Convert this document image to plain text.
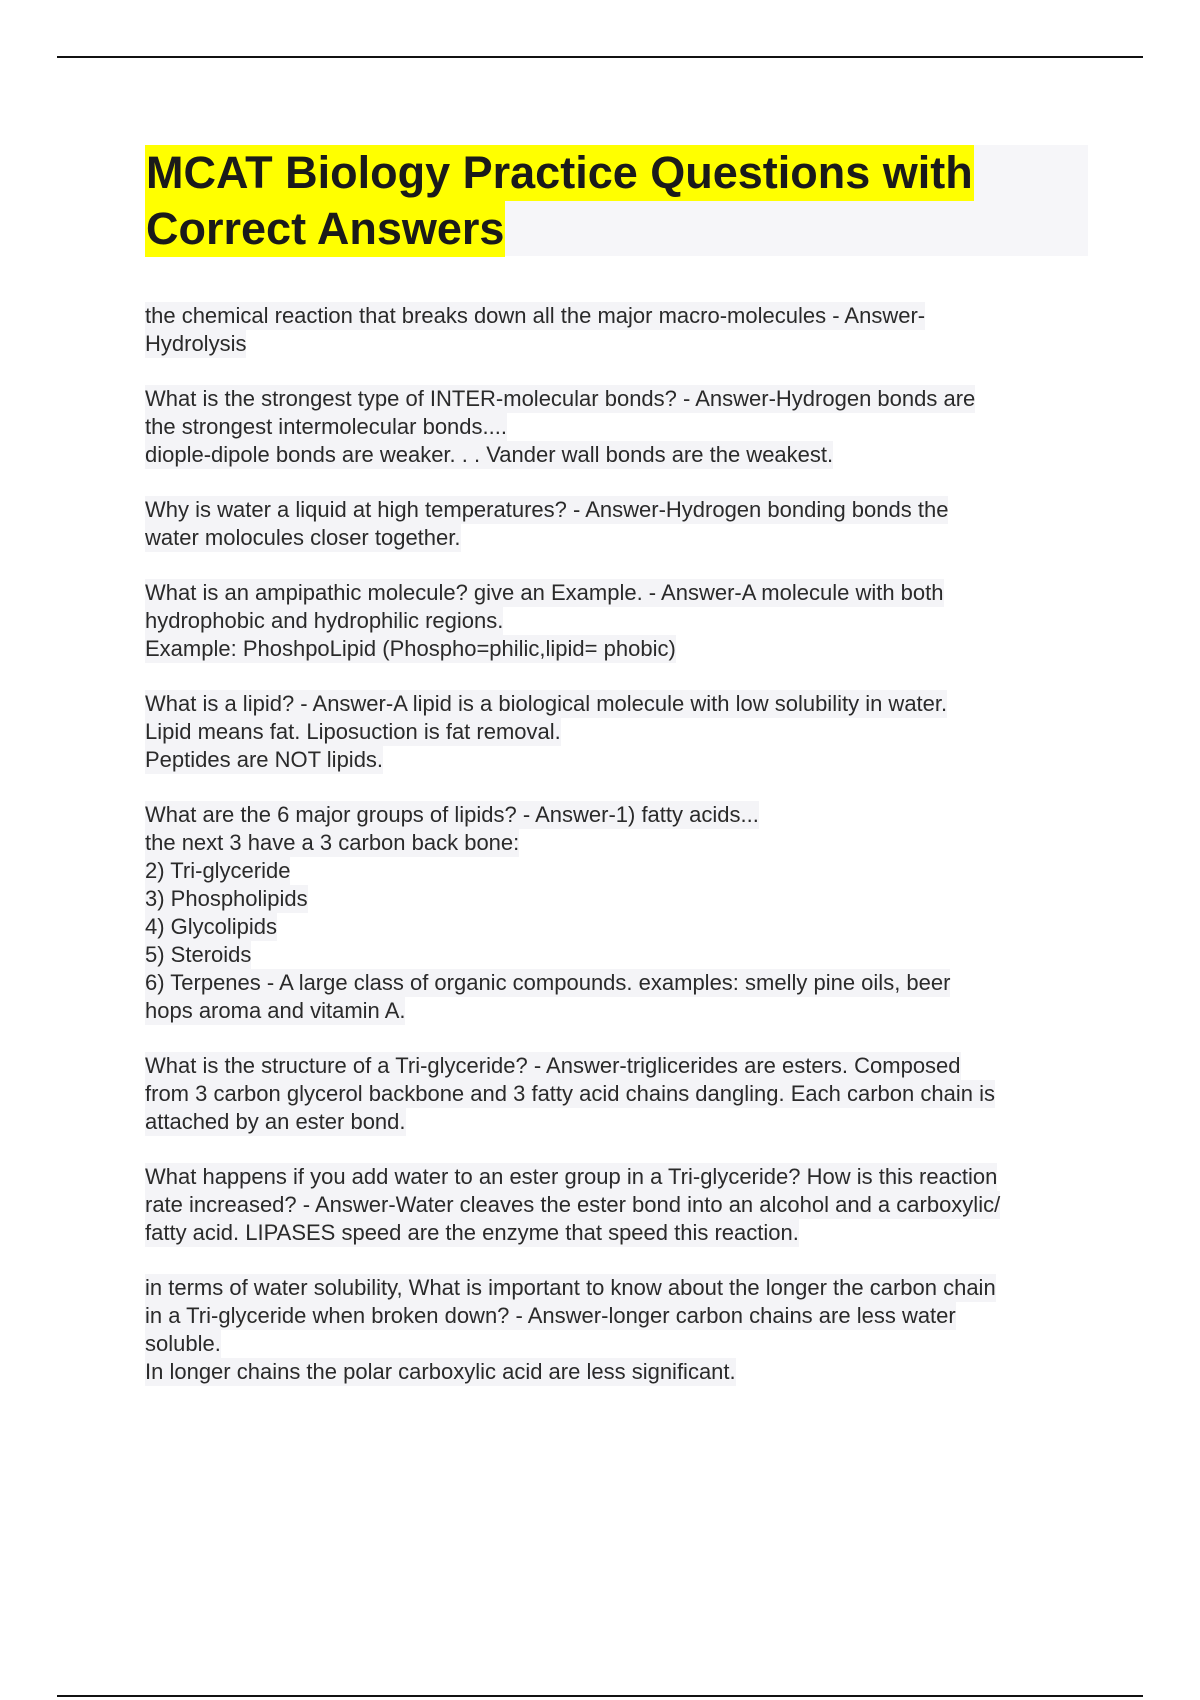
MCAT Biology Practice Questions with
Correct Answers
the chemical reaction that breaks down all the major macro-molecules - Answer-
Hydrolysis
What is the strongest type of INTER-molecular bonds? - Answer-Hydrogen bonds are
the strongest intermolecular bonds....
diople-dipole bonds are weaker. . . Vander wall bonds are the weakest.
Why is water a liquid at high temperatures? - Answer-Hydrogen bonding bonds the
water molocules closer together.
What is an ampipathic molecule? give an Example. - Answer-A molecule with both
hydrophobic and hydrophilic regions.
Example: PhoshpoLipid (Phospho=philic,lipid= phobic)
What is a lipid? - Answer-A lipid is a biological molecule with low solubility in water.
Lipid means fat. Liposuction is fat removal.
Peptides are NOT lipids.
What are the 6 major groups of lipids? - Answer-1) fatty acids...
the next 3 have a 3 carbon back bone:
2) Tri-glyceride
3) Phospholipids
4) Glycolipids
5) Steroids
6) Terpenes - A large class of organic compounds. examples: smelly pine oils, beer
hops aroma and vitamin A.
What is the structure of a Tri-glyceride? - Answer-triglicerides are esters. Composed
from 3 carbon glycerol backbone and 3 fatty acid chains dangling. Each carbon chain is
attached by an ester bond.
What happens if you add water to an ester group in a Tri-glyceride? How is this reaction
rate increased? - Answer-Water cleaves the ester bond into an alcohol and a carboxylic/
fatty acid. LIPASES speed are the enzyme that speed this reaction.
in terms of water solubility, What is important to know about the longer the carbon chain
in a Tri-glyceride when broken down? - Answer-longer carbon chains are less water
soluble.
In longer chains the polar carboxylic acid are less significant.
